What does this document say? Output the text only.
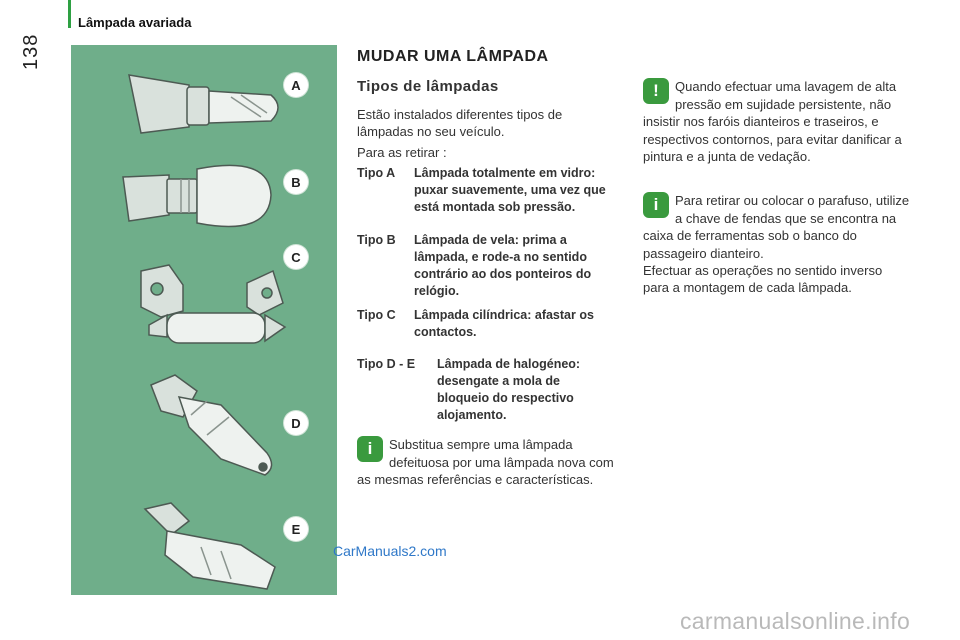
Lâmpada avariada
138
A
B
C
D
E
MUDAR UMA LÂMPADA
Tipos de lâmpadas
Estão instalados diferentes tipos de lâmpadas no seu veículo.
Para as retirar :
Tipo A Lâmpada totalmente em vidro: puxar suavemente, uma vez que está montada sob pressão.
Tipo B Lâmpada de vela: prima a lâmpada, e rode-a no sentido contrário ao dos ponteiros do relógio.
Tipo C Lâmpada cilíndrica: afastar os contactos.
Tipo D - E Lâmpada de halogéneo: desengate a mola de bloqueio do respectivo alojamento.
i	Substitua sempre uma lâmpada defeituosa por uma lâmpada nova com as mesmas referências e características.
!	Quando efectuar uma lavagem de alta pressão em sujidade persistente, não insistir nos faróis dianteiros e traseiros, e respectivos contornos, para evitar danificar a pintura e a junta de vedação.
i	Para retirar ou colocar o parafuso, utilize a chave de fendas que se encontra na caixa de ferramentas sob o banco do passageiro dianteiro.
Efectuar as operações no sentido inverso para a montagem de cada lâmpada.
CarManuals2.com
carmanualsonline.info
